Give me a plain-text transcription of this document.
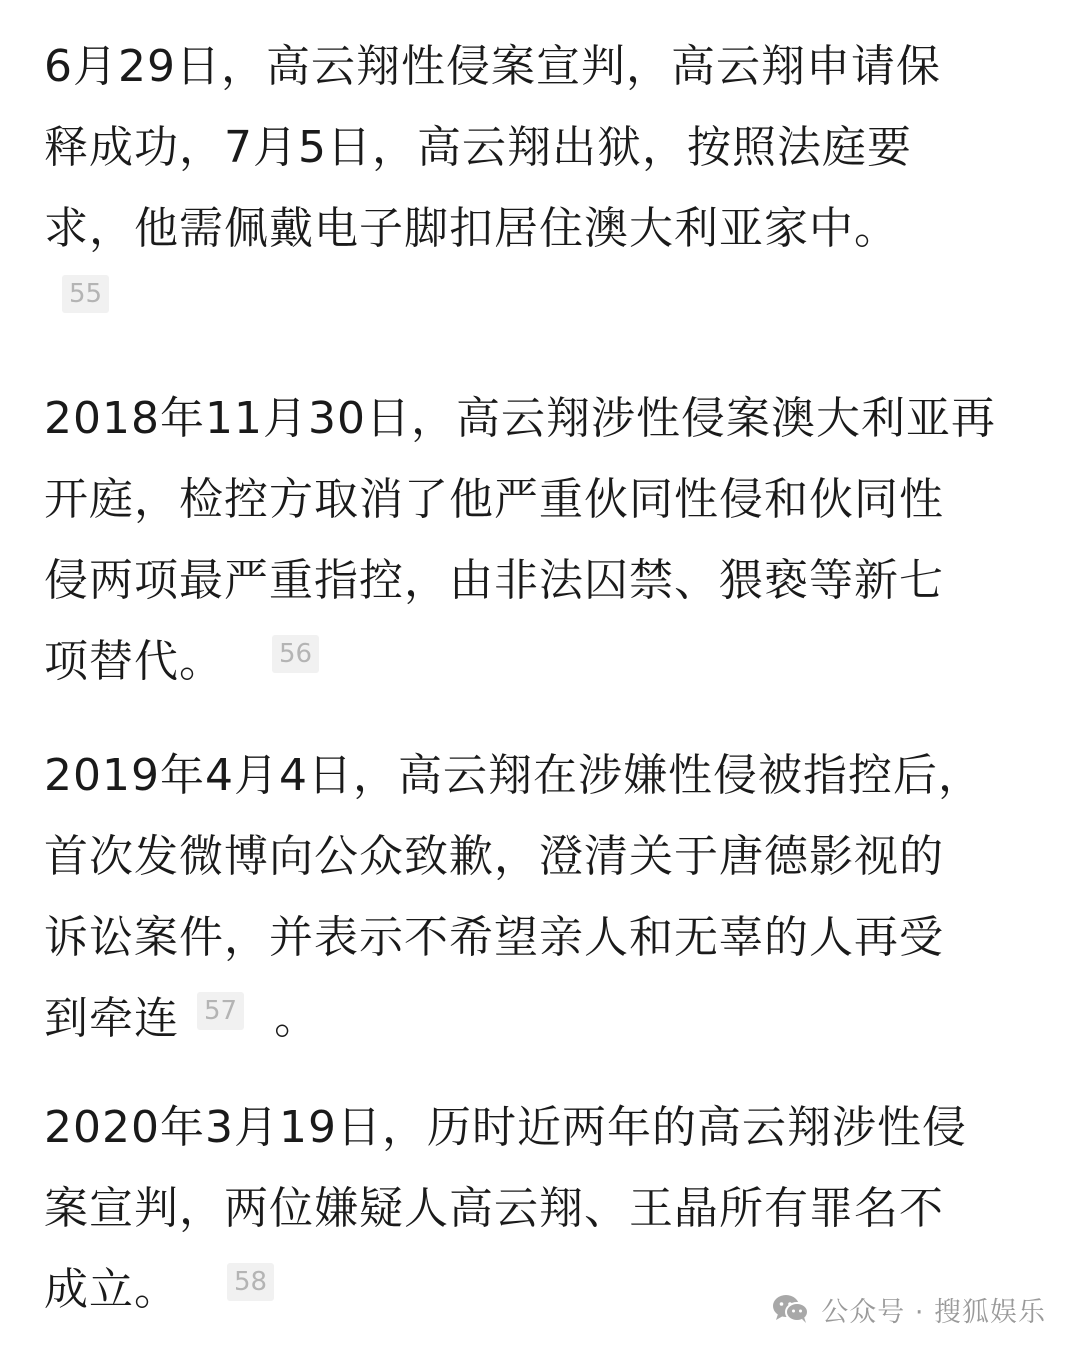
6月29日，高云翔性侵案宣判，高云翔申请保
释成功，7月5日，高云翔出狱，按照法庭要
求，他需佩戴电子脚扣居住澳大利亚家中。
55
2018年11月30日，高云翔涉性侵案澳大利亚再
开庭，检控方取消了他严重伙同性侵和伙同性
侵两项最严重指控，由非法囚禁、猥亵等新七
项替代。 56
2019年4月4日，高云翔在涉嫌性侵被指控后，
首次发微博向公众致歉，澄清关于唐德影视的
诉讼案件，并表示不希望亲人和无辜的人再受
到牵连 57 。
2020年3月19日，历时近两年的高云翔涉性侵
案宣判，两位嫌疑人高云翔、王晶所有罪名不
成立。 58
公众号 · 搜狐娱乐
